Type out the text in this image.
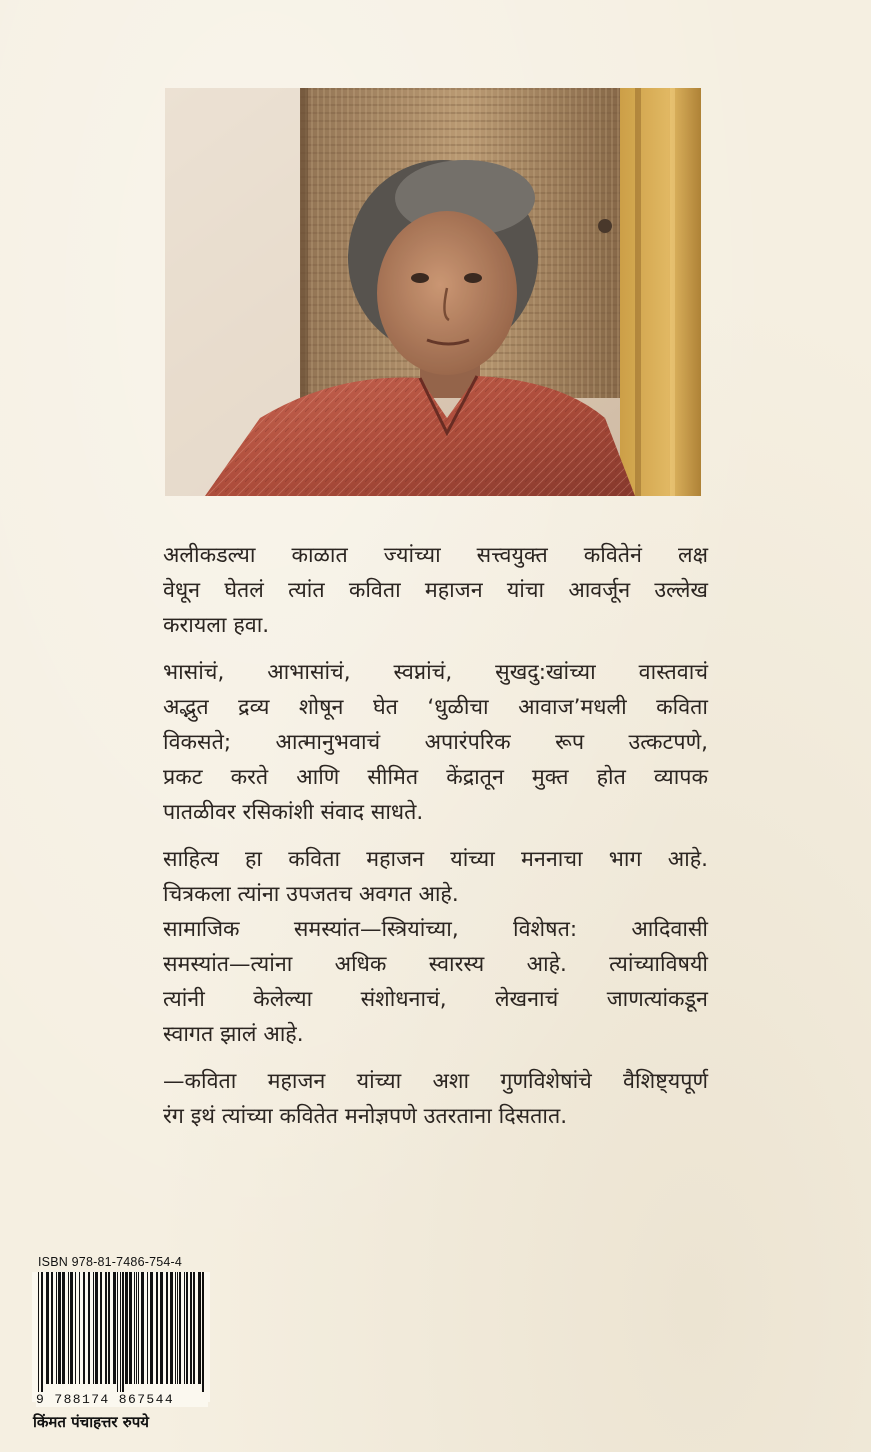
अलीकडल्या काळात ज्यांच्या सत्त्वयुक्त कवितेनं लक्ष
वेधून घेतलं त्यांत कविता महाजन यांचा आवर्जून उल्लेख
करायला हवा.

भासांचं, आभासांचं, स्वप्नांचं, सुखदु:खांच्या वास्तवाचं
अद्भुत द्रव्य शोषून घेत ‘धुळीचा आवाज’मधली कविता
विकसते; आत्मानुभवाचं अपारंपरिक रूप उत्कटपणे,
प्रकट करते आणि सीमित केंद्रातून मुक्त होत व्यापक
पातळीवर रसिकांशी संवाद साधते.

साहित्य हा कविता महाजन यांच्या मननाचा भाग आहे.
चित्रकला त्यांना उपजतच अवगत आहे.

सामाजिक समस्यांत—स्त्रियांच्या, विशेषत: आदिवासी
समस्यांत—त्यांना अधिक स्वारस्य आहे. त्यांच्याविषयी
त्यांनी केलेल्या संशोधनाचं, लेखनाचं जाणत्यांकडून
स्वागत झालं आहे.

—कविता महाजन यांच्या अशा गुणविशेषांचे वैशिष्ट्यपूर्ण
रंग इथं त्यांच्या कवितेत मनोज्ञपणे उतरताना दिसतात.

ISBN 978-81-7486-754-4
9 788174 867544
किंमत पंचाहत्तर रुपये
